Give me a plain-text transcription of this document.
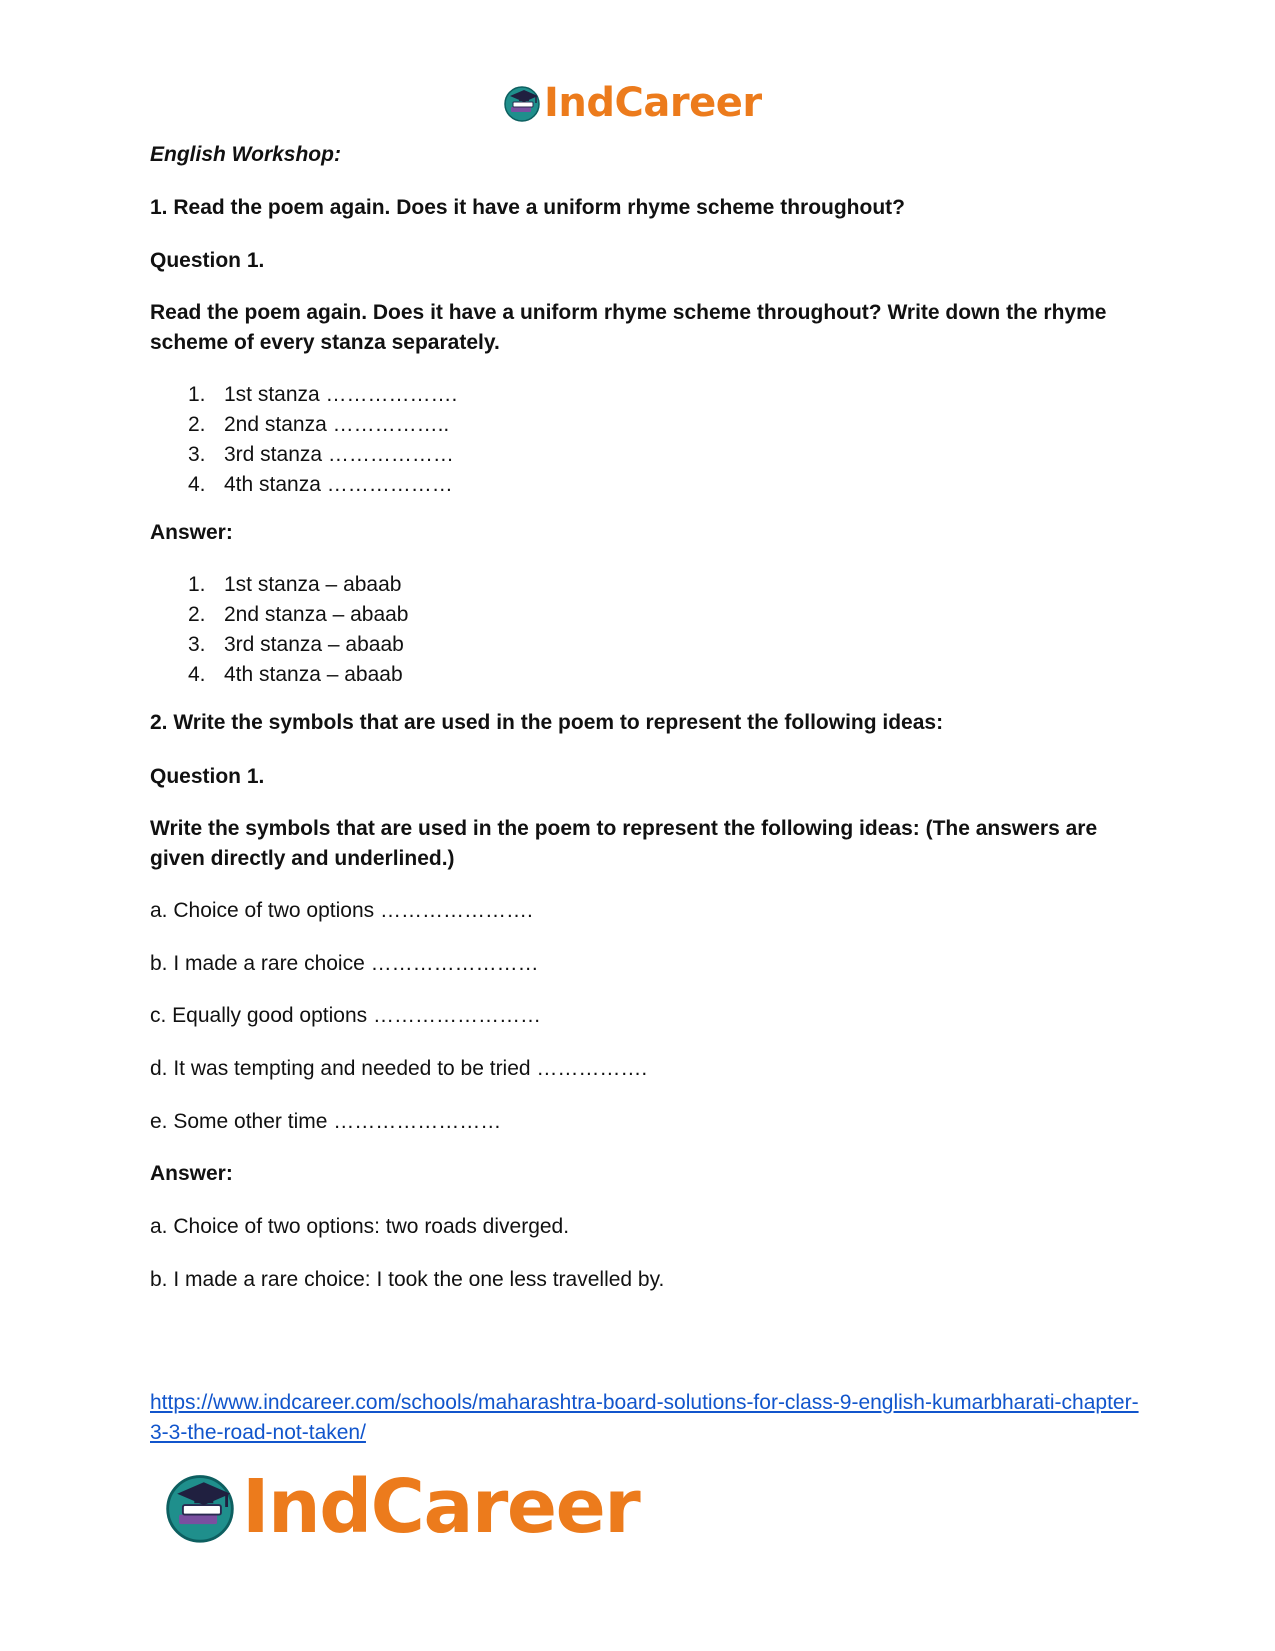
IndCareer

English Workshop:

1. Read the poem again. Does it have a uniform rhyme scheme throughout?

Question 1.

Read the poem again. Does it have a uniform rhyme scheme throughout? Write down the rhyme scheme of every stanza separately.

1. 1st stanza ……………….
2. 2nd stanza ……………..
3. 3rd stanza ………………
4. 4th stanza ………………

Answer:

1. 1st stanza – abaab
2. 2nd stanza – abaab
3. 3rd stanza – abaab
4. 4th stanza – abaab

2. Write the symbols that are used in the poem to represent the following ideas:

Question 1.

Write the symbols that are used in the poem to represent the following ideas: (The answers are given directly and underlined.)

a. Choice of two options ………………….

b. I made a rare choice ……………………

c. Equally good options ……………………

d. It was tempting and needed to be tried …………….

e. Some other time ……………………

Answer:

a. Choice of two options: two roads diverged.

b. I made a rare choice: I took the one less travelled by.

https://www.indcareer.com/schools/maharashtra-board-solutions-for-class-9-english-kumarbharati-chapter-3-3-the-road-not-taken/
IndCareer
